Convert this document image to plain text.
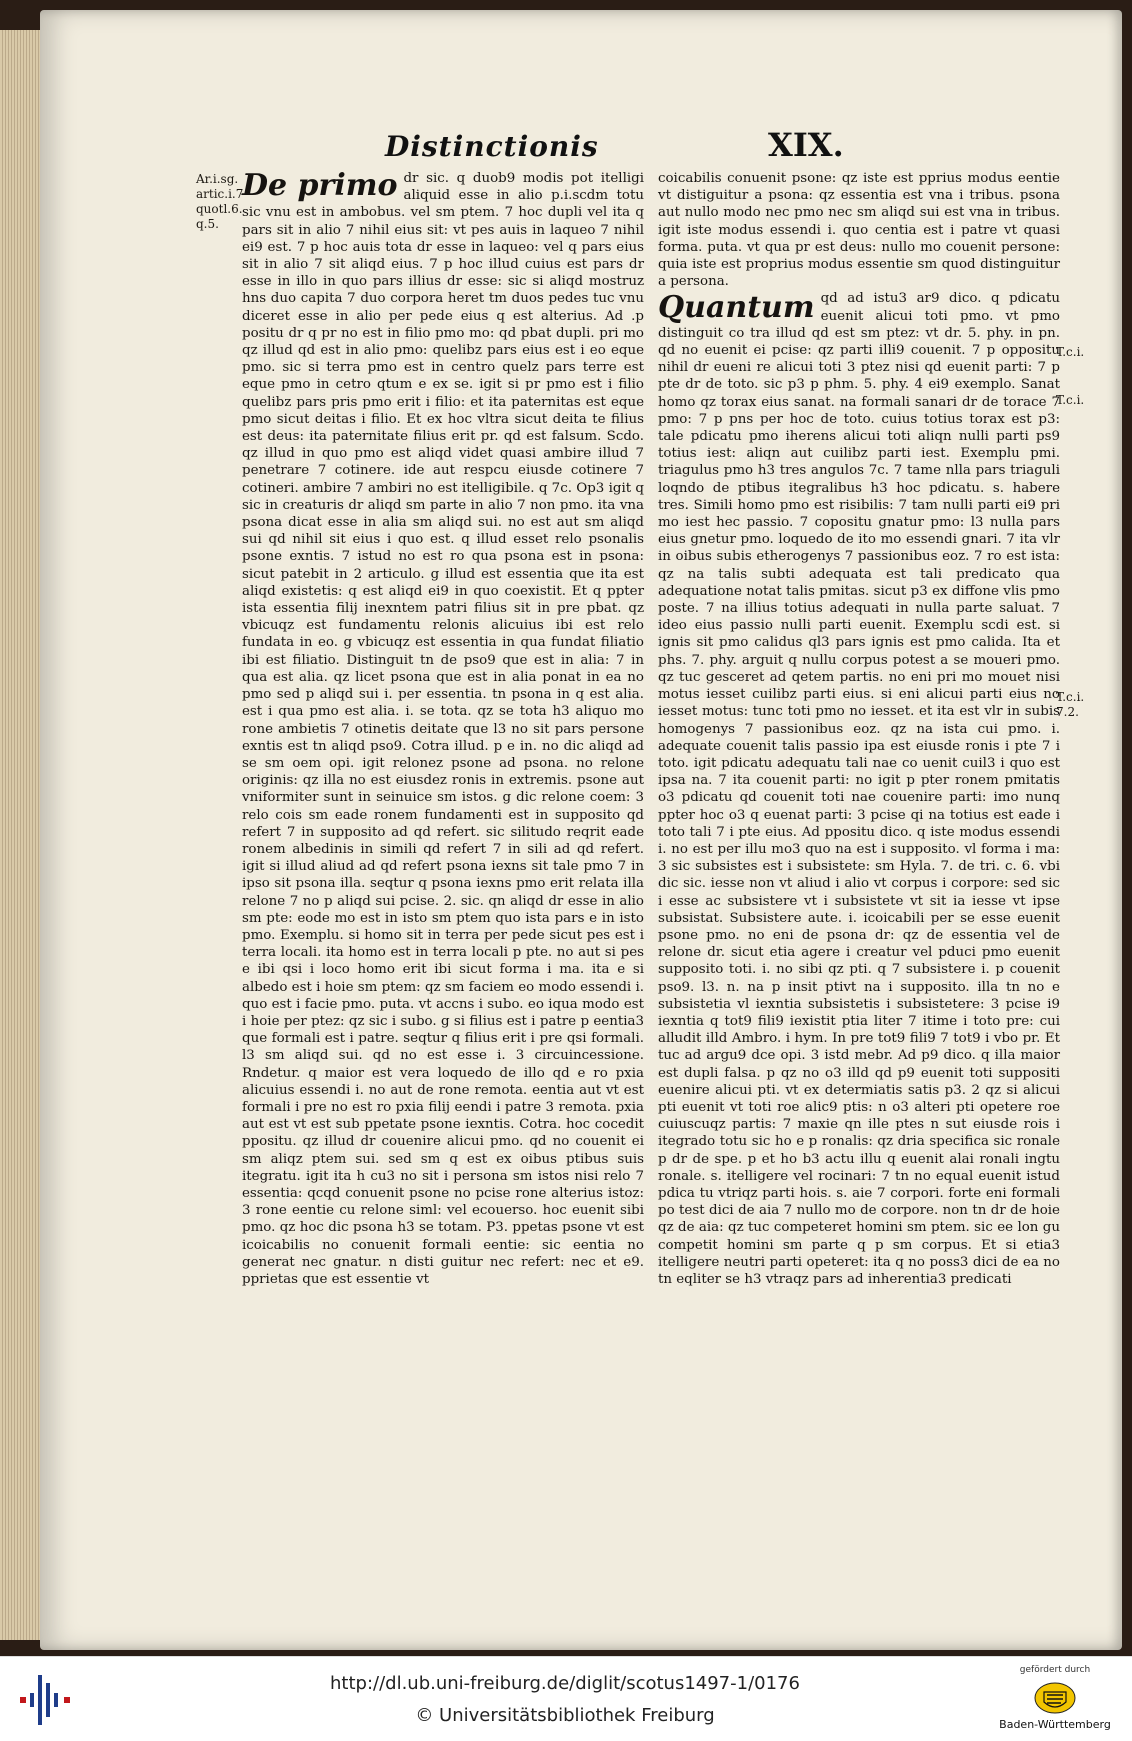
Distinctionis	XIX.
Ar.i.sg. artic.i.7 quotl.6. q.5.
T.c.i.
T.c.i.
T.c.i. 7.2.

De primo dr sic. q duob9 modis pot itelligi aliquid esse in alio p.i.scdm totu sic vnu est in ambobus. vel sm ptem. 7 hoc dupli vel ita q pars sit in alio 7 nihil eius sit: vt pes auis in laqueo 7 nihil ei9 est. 7 p hoc auis tota dr esse in laqueo: vel q pars eius sit in alio 7 sit aliqd eius. 7 p hoc illud cuius est pars dr esse in illo in quo pars illius dr esse: sic si aliqd mostruz hns duo capita 7 duo corpora heret tm duos pedes tuc vnu diceret esse in alio per pede eius q est alterius. Ad .p positu dr q pr no est in filio pmo mo: qd pbat dupli. pri mo qz illud qd est in alio pmo: quelibz pars eius est i eo eque pmo. sic si terra pmo est in centro quelz pars terre est eque pmo in cetro qtum e ex se. igit si pr pmo est i filio quelibz pars pris pmo erit i filio: et ita paternitas est eque pmo sicut deitas i filio. Et ex hoc vltra sicut deita te filius est deus: ita paternitate filius erit pr. qd est falsum. Scdo. qz illud in quo pmo est aliqd videt quasi ambire illud 7 penetrare 7 cotinere. ide aut respcu eiusde cotinere 7 cotineri. ambire 7 ambiri no est itelligibile. q 7c. Op3 igit q sic in creaturis dr aliqd sm parte in alio 7 non pmo. ita vna psona dicat esse in alia sm aliqd sui. no est aut sm aliqd sui qd nihil sit eius i quo est. q illud esset relo psonalis psone exntis. 7 istud no est ro qua psona est in psona: sicut patebit in 2 articulo. g illud est essentia que ita est aliqd existetis: q est aliqd ei9 in quo coexistit. Et q ppter ista essentia filij inexntem patri filius sit in pre pbat. qz vbicuqz est fundamentu relonis alicuius ibi est relo fundata in eo. g vbicuqz est essentia in qua fundat filiatio ibi est filiatio. Distinguit tn de pso9 que est in alia: 7 in qua est alia. qz licet psona que est in alia ponat in ea no pmo sed p aliqd sui i. per essentia. tn psona in q est alia. est i qua pmo est alia. i. se tota. qz se tota h3 aliquo mo rone ambietis 7 otinetis deitate que l3 no sit pars persone exntis est tn aliqd pso9. Cotra illud. p e in. no dic aliqd ad se sm oem opi. igit relonez psone ad psona. no relone originis: qz illa no est eiusdez ronis in extremis. psone aut vniformiter sunt in seinuice sm istos. g dic relone coem: 3 relo cois sm eade ronem fundamenti est in supposito qd refert 7 in supposito ad qd refert. sic silitudo reqrit eade ronem albedinis in simili qd refert 7 in sili ad qd refert. igit si illud aliud ad qd refert psona iexns sit tale pmo 7 in ipso sit psona illa. seqtur q psona iexns pmo erit relata illa relone 7 no p aliqd sui pcise. 2. sic. qn aliqd dr esse in alio sm pte: eode mo est in isto sm ptem quo ista pars e in isto pmo. Exemplu. si homo sit in terra per pede sicut pes est i terra locali. ita homo est in terra locali p pte. no aut si pes e ibi qsi i loco homo erit ibi sicut forma i ma. ita e si albedo est i hoie sm ptem: qz sm faciem eo modo essendi i. quo est i facie pmo. puta. vt accns i subo. eo iqua modo est i hoie per ptez: qz sic i subo. g si filius est i patre p eentia3 que formali est i patre. seqtur q filius erit i pre qsi formali. l3 sm aliqd sui. qd no est esse i. 3 circuincessione. Rndetur. q maior est vera loquedo de illo qd e ro pxia alicuius essendi i. no aut de rone remota. eentia aut vt est formali i pre no est ro pxia filij eendi i patre 3 remota. pxia aut est vt est sub ppetate psone iexntis. Cotra. hoc cocedit ppositu. qz illud dr couenire alicui pmo. qd no couenit ei sm aliqz ptem sui. sed sm q est ex oibus ptibus suis itegratu. igit ita h cu3 no sit i persona sm istos nisi relo 7 essentia: qcqd conuenit psone no pcise rone alterius istoz: 3 rone eentie cu relone siml: vel ecouerso. hoc euenit sibi pmo. qz hoc dic psona h3 se totam. P3. ppetas psone vt est icoicabilis no conuenit formali eentie: sic eentia no generat nec gnatur. n disti guitur nec refert: nec et e9. pprietas que est essentie vt

coicabilis conuenit psone: qz iste est pprius modus eentie vt distiguitur a psona: qz essentia est vna i tribus. psona aut nullo modo nec pmo nec sm aliqd sui est vna in tribus. igit iste modus essendi i. quo centia est i patre vt quasi forma. puta. vt qua pr est deus: nullo mo couenit persone: quia iste est proprius modus essentie sm quod distinguitur a persona.

Quantum qd ad istu3 ar9 dico. q pdicatu euenit alicui toti pmo. vt pmo distinguit co tra illud qd est sm ptez: vt dr. 5. phy. in pn. qd no euenit ei pcise: qz parti illi9 couenit. 7 p oppositu nihil dr eueni re alicui toti 3 ptez nisi qd euenit parti: 7 p pte dr de toto. sic p3 p phm. 5. phy. 4 ei9 exemplo. Sanat homo qz torax eius sanat. na formali sanari dr de torace 7 pmo: 7 p pns per hoc de toto. cuius totius torax est p3: tale pdicatu pmo iherens alicui toti aliqn nulli parti ps9 totius iest: aliqn aut cuilibz parti iest. Exemplu pmi. triagulus pmo h3 tres angulos 7c. 7 tame nlla pars triaguli loqndo de ptibus itegralibus h3 hoc pdicatu. s. habere tres. Simili homo pmo est risibilis: 7 tam nulli parti ei9 pri mo iest hec passio. 7 copositu gnatur pmo: l3 nulla pars eius gnetur pmo. loquedo de ito mo essendi gnari. 7 ita vlr in oibus subis etherogenys 7 passionibus eoz. 7 ro est ista: qz na talis subti adequata est tali predicato qua adequatione notat talis pmitas. sicut p3 ex diffone vlis pmo poste. 7 na illius totius adequati in nulla parte saluat. 7 ideo eius passio nulli parti euenit. Exemplu scdi est. si ignis sit pmo calidus ql3 pars ignis est pmo calida. Ita et phs. 7. phy. arguit q nullu corpus potest a se moueri pmo. qz tuc gesceret ad qetem partis. no eni pri mo mouet nisi motus iesset cuilibz parti eius. si eni alicui parti eius no iesset motus: tunc toti pmo no iesset. et ita est vlr in subis homogenys 7 passionibus eoz. qz na ista cui pmo. i. adequate couenit talis passio ipa est eiusde ronis i pte 7 i toto. igit pdicatu adequatu tali nae co uenit cuil3 i quo est ipsa na. 7 ita couenit parti: no igit p pter ronem pmitatis o3 pdicatu qd couenit toti nae couenire parti: imo nunq ppter hoc o3 q euenat parti: 3 pcise qi na totius est eade i toto tali 7 i pte eius. Ad ppositu dico. q iste modus essendi i. no est per illu mo3 quo na est i supposito. vl forma i ma: 3 sic subsistes est i subsistete: sm Hyla. 7. de tri. c. 6. vbi dic sic. iesse non vt aliud i alio vt corpus i corpore: sed sic i esse ac subsistere vt i subsistete vt sit ia iesse vt ipse subsistat. Subsistere aute. i. icoicabili per se esse euenit psone pmo. no eni de psona dr: qz de essentia vel de relone dr. sicut etia agere i creatur vel pduci pmo euenit supposito toti. i. no sibi qz pti. q 7 subsistere i. p couenit pso9. l3. n. na p insit ptivt na i supposito. illa tn no e subsistetia vl iexntia subsistetis i subsistetere: 3 pcise i9 iexntia q tot9 fili9 iexistit ptia liter 7 itime i toto pre: cui alludit illd Ambro. i hym. In pre tot9 fili9 7 tot9 i vbo pr. Et tuc ad argu9 dce opi. 3 istd mebr. Ad p9 dico. q illa maior est dupli falsa. p qz no o3 illd qd p9 euenit toti suppositi euenire alicui pti. vt ex determiatis satis p3. 2 qz si alicui pti euenit vt toti roe alic9 ptis: n o3 alteri pti opetere roe cuiuscuqz partis: 7 maxie qn ille ptes n sut eiusde rois i itegrado totu sic ho e p ronalis: qz dria specifica sic ronale p dr de spe. p et ho b3 actu illu q euenit alai ronali ingtu ronale. s. itelligere vel rocinari: 7 tn no equal euenit istud pdica tu vtriqz parti hois. s. aie 7 corpori. forte eni formali po test dici de aia 7 nullo mo de corpore. non tn dr de hoie qz de aia: qz tuc competeret homini sm ptem. sic ee lon gu competit homini sm parte q p sm corpus. Et si etia3 itelligere neutri parti opeteret: ita q no poss3 dici de ea no tn eqliter se h3 vtraqz pars ad inherentia3 predicati

http://dl.ub.uni-freiburg.de/diglit/scotus1497-1/0176
© Universitätsbibliothek Freiburg
gefördert durch
Baden-Württemberg
